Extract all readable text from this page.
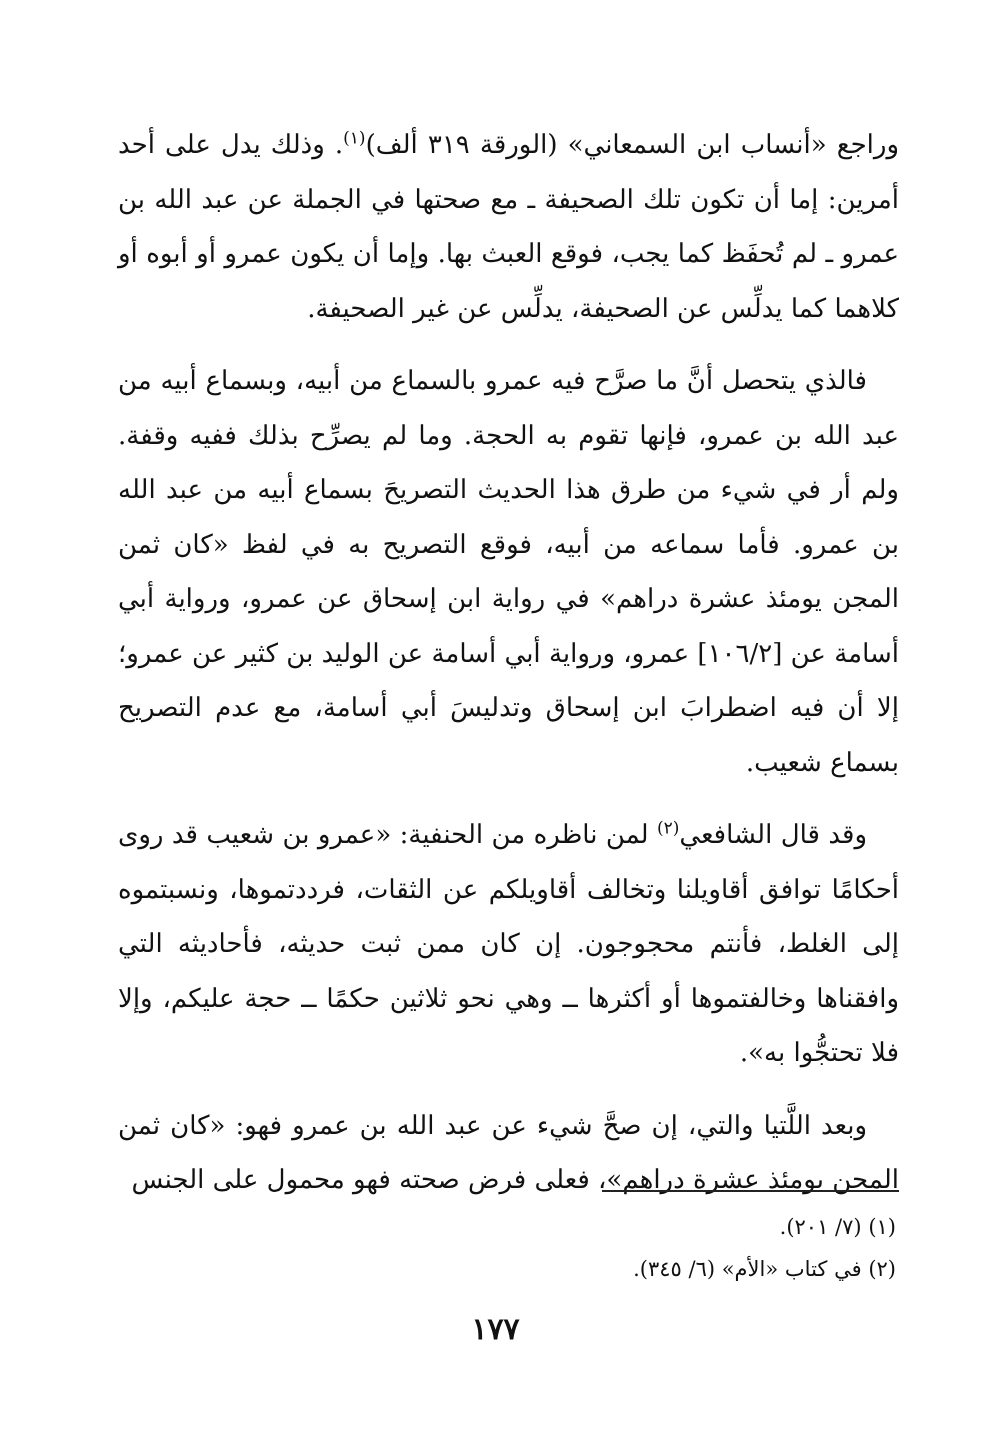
وراجع «أنساب ابن السمعاني» (الورقة ٣١٩ ألف)$^{(١)}$. وذلك يدل على أحد أمرين: إما أن تكون تلك الصحيفة ـ مع صحتها في الجملة عن عبد الله بن عمرو ـ لم تُحفَظ كما يجب، فوقع العبث بها. وإما أن يكون عمرو أو أبوه أو كلاهما كما يدلِّس عن الصحيفة، يدلِّس عن غير الصحيفة.

فالذي يتحصل أنَّ ما صرَّح فيه عمرو بالسماع من أبيه، وبسماع أبيه من عبد الله بن عمرو، فإنها تقوم به الحجة. وما لم يصرِّح بذلك ففيه وقفة. ولم أر في شيء من طرق هذا الحديث التصريحَ بسماع أبيه من عبد الله بن عمرو. فأما سماعه من أبيه، فوقع التصريح به في لفظ «كان ثمن المجن يومئذ عشرة دراهم» في رواية ابن إسحاق عن عمرو، ورواية أبي أسامة عن [١٠٦/٢] عمرو، ورواية أبي أسامة عن الوليد بن كثير عن عمرو؛ إلا أن فيه اضطرابَ ابن إسحاق وتدليسَ أبي أسامة، مع عدم التصريح بسماع شعيب.

وقد قال الشافعي$^{(٢)}$ لمن ناظره من الحنفية: «عمرو بن شعيب قد روى أحكامًا توافق أقاويلنا وتخالف أقاويلكم عن الثقات، فرددتموها، ونسبتموه إلى الغلط، فأنتم محجوجون. إن كان ممن ثبت حديثه، فأحاديثه التي وافقناها وخالفتموها أو أكثرها ــ وهي نحو ثلاثين حكمًا ــ حجة عليكم، وإلا فلا تحتجُّوا به».

وبعد اللَّتيا والتي، إن صحَّ شيء عن عبد الله بن عمرو فهو: «كان ثمن المجن يومئذ عشرة دراهم»، فعلى فرض صحته فهو محمول على الجنس

(١) (٧/ ٢٠١).
(٢) في كتاب «الأم» (٦/ ٣٤٥).
١٧٧
